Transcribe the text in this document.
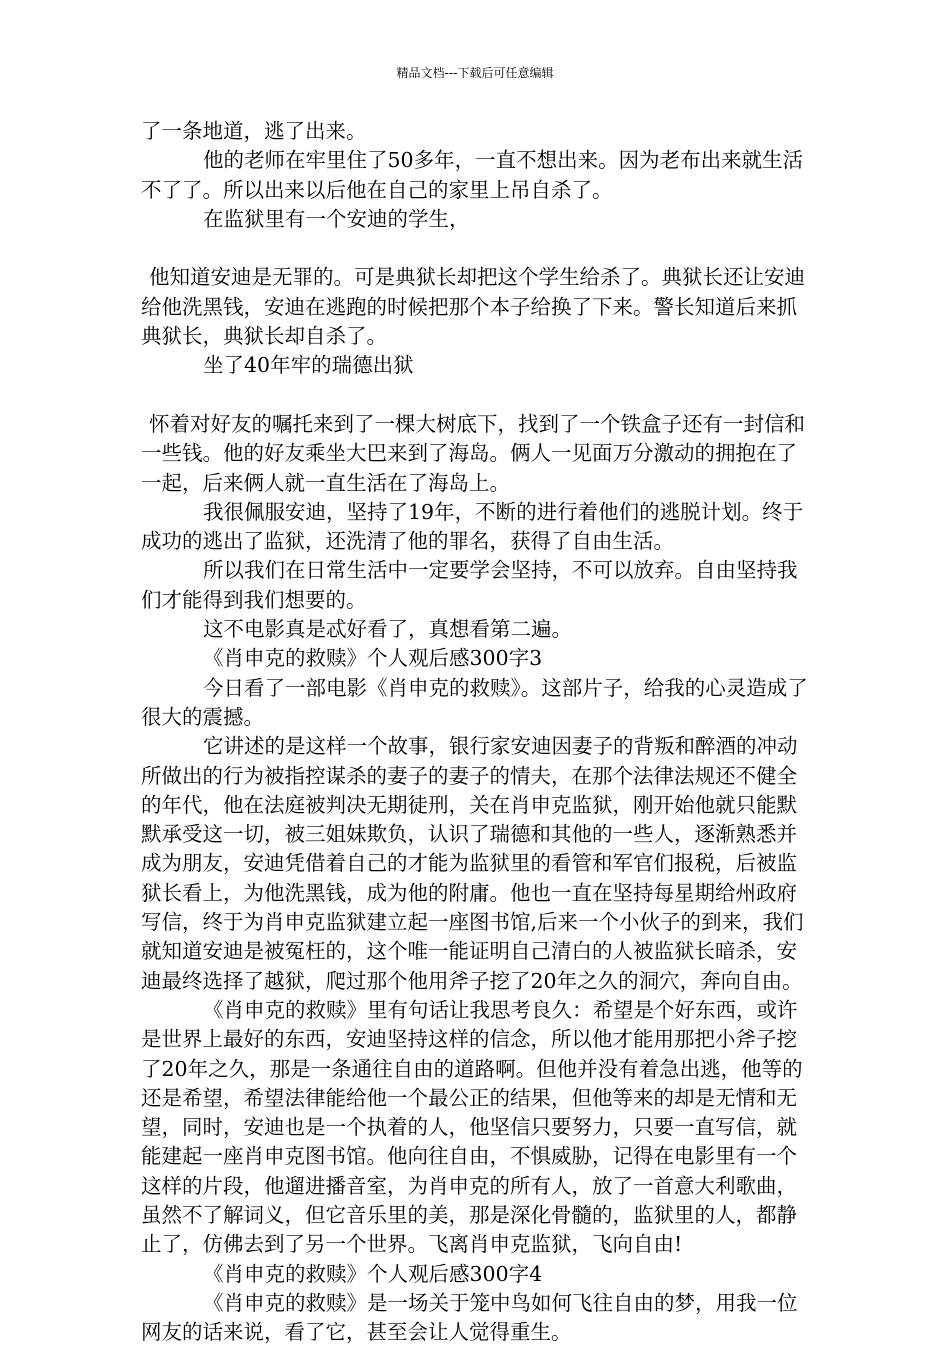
精品文档---下载后可任意编辑

了一条地道，逃了出来。

他的老师在牢里住了50多年，一直不想出来。因为老布出来就生活不了了。所以出来以后他在自己的家里上吊自杀了。

在监狱里有一个安迪的学生，

他知道安迪是无罪的。可是典狱长却把这个学生给杀了。典狱长还让安迪给他洗黑钱，安迪在逃跑的时候把那个本子给换了下来。警长知道后来抓典狱长，典狱长却自杀了。

坐了40年牢的瑞德出狱

怀着对好友的嘱托来到了一棵大树底下，找到了一个铁盒子还有一封信和一些钱。他的好友乘坐大巴来到了海岛。俩人一见面万分激动的拥抱在了一起，后来俩人就一直生活在了海岛上。

我很佩服安迪，坚持了19年，不断的进行着他们的逃脱计划。终于成功的逃出了监狱，还洗清了他的罪名，获得了自由生活。

所以我们在日常生活中一定要学会坚持，不可以放弃。自由坚持我们才能得到我们想要的。

这不电影真是忒好看了，真想看第二遍。

《肖申克的救赎》个人观后感300字3

今日看了一部电影《肖申克的救赎》。这部片子，给我的心灵造成了很大的震撼。

它讲述的是这样一个故事，银行家安迪因妻子的背叛和醉酒的冲动所做出的行为被指控谋杀的妻子的妻子的情夫，在那个法律法规还不健全的年代，他在法庭被判决无期徒刑，关在肖申克监狱，刚开始他就只能默默承受这一切，被三姐妹欺负，认识了瑞德和其他的一些人，逐渐熟悉并成为朋友，安迪凭借着自己的才能为监狱里的看管和军官们报税，后被监狱长看上，为他洗黑钱，成为他的附庸。他也一直在坚持每星期给州政府写信，终于为肖申克监狱建立起一座图书馆,后来一个小伙子的到来，我们就知道安迪是被冤枉的，这个唯一能证明自己清白的人被监狱长暗杀，安迪最终选择了越狱，爬过那个他用斧子挖了20年之久的洞穴，奔向自由。

《肖申克的救赎》里有句话让我思考良久：希望是个好东西，或许是世界上最好的东西，安迪坚持这样的信念，所以他才能用那把小斧子挖了20年之久，那是一条通往自由的道路啊。但他并没有着急出逃，他等的还是希望，希望法律能给他一个最公正的结果，但他等来的却是无情和无望，同时，安迪也是一个执着的人，他坚信只要努力，只要一直写信，就能建起一座肖申克图书馆。他向往自由，不惧威胁，记得在电影里有一个这样的片段，他遛进播音室，为肖申克的所有人，放了一首意大利歌曲，虽然不了解词义，但它音乐里的美，那是深化骨髓的，监狱里的人，都静止了，仿佛去到了另一个世界。飞离肖申克监狱，飞向自由!

《肖申克的救赎》个人观后感300字4

《肖申克的救赎》是一场关于笼中鸟如何飞往自由的梦，用我一位网友的话来说，看了它，甚至会让人觉得重生。
